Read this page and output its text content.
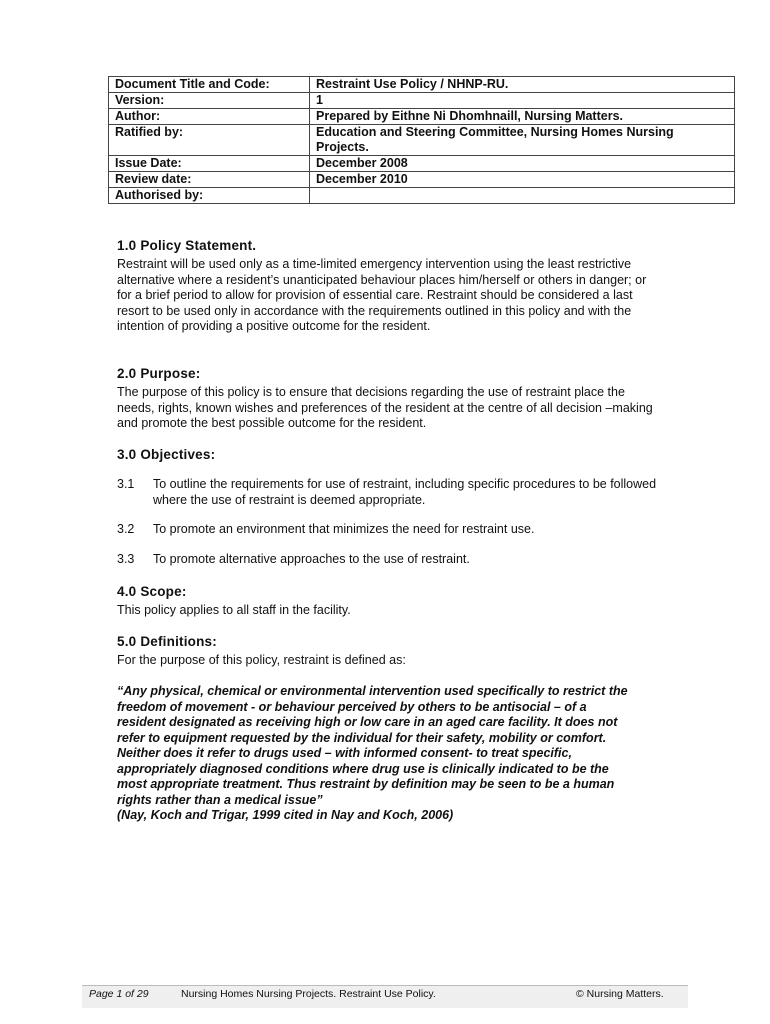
Document Title and Code:	Restraint Use Policy / NHNP-RU.
Version:	1
Author:	Prepared by Eithne Ni Dhomhnaill, Nursing Matters.
Ratified by:	Education and Steering Committee, Nursing Homes Nursing Projects.
Issue Date:	December 2008
Review date:	December 2010
Authorised by:	
1.0 Policy Statement.

Restraint will be used only as a time-limited emergency intervention using the least restrictive alternative where a resident’s unanticipated behaviour places him/herself or others in danger; or for a brief period to allow for provision of essential care. Restraint should be considered a last resort to be used only in accordance with the requirements outlined in this policy and with the intention of providing a positive outcome for the resident.

2.0 Purpose:

The purpose of this policy is to ensure that decisions regarding the use of restraint place the needs, rights, known wishes and preferences of the resident at the centre of all decision –making and promote the best possible outcome for the resident.

3.0 Objectives:
3.1	To outline the requirements for use of restraint, including specific procedures to be followed where the use of restraint is deemed appropriate.
3.2	To promote an environment that minimizes the need for restraint use.
3.3	To promote alternative approaches to the use of restraint.
4.0 Scope:

This policy applies to all staff in the facility.

5.0 Definitions:

For the purpose of this policy, restraint is defined as:

“Any physical, chemical or environmental intervention used specifically to restrict the freedom of movement - or behaviour perceived by others to be antisocial – of a resident designated as receiving high or low care in an aged care facility. It does not refer to equipment requested by the individual for their safety, mobility or comfort. Neither does it refer to drugs used – with informed consent- to treat specific, appropriately diagnosed conditions where drug use is clinically indicated to be the most appropriate treatment. Thus restraint by definition may be seen to be a human rights rather than a medical issue”

(Nay, Koch and Trigar, 1999 cited in Nay and Koch, 2006)

Page 1 of 29	Nursing Homes Nursing Projects. Restraint Use Policy.	© Nursing Matters.
